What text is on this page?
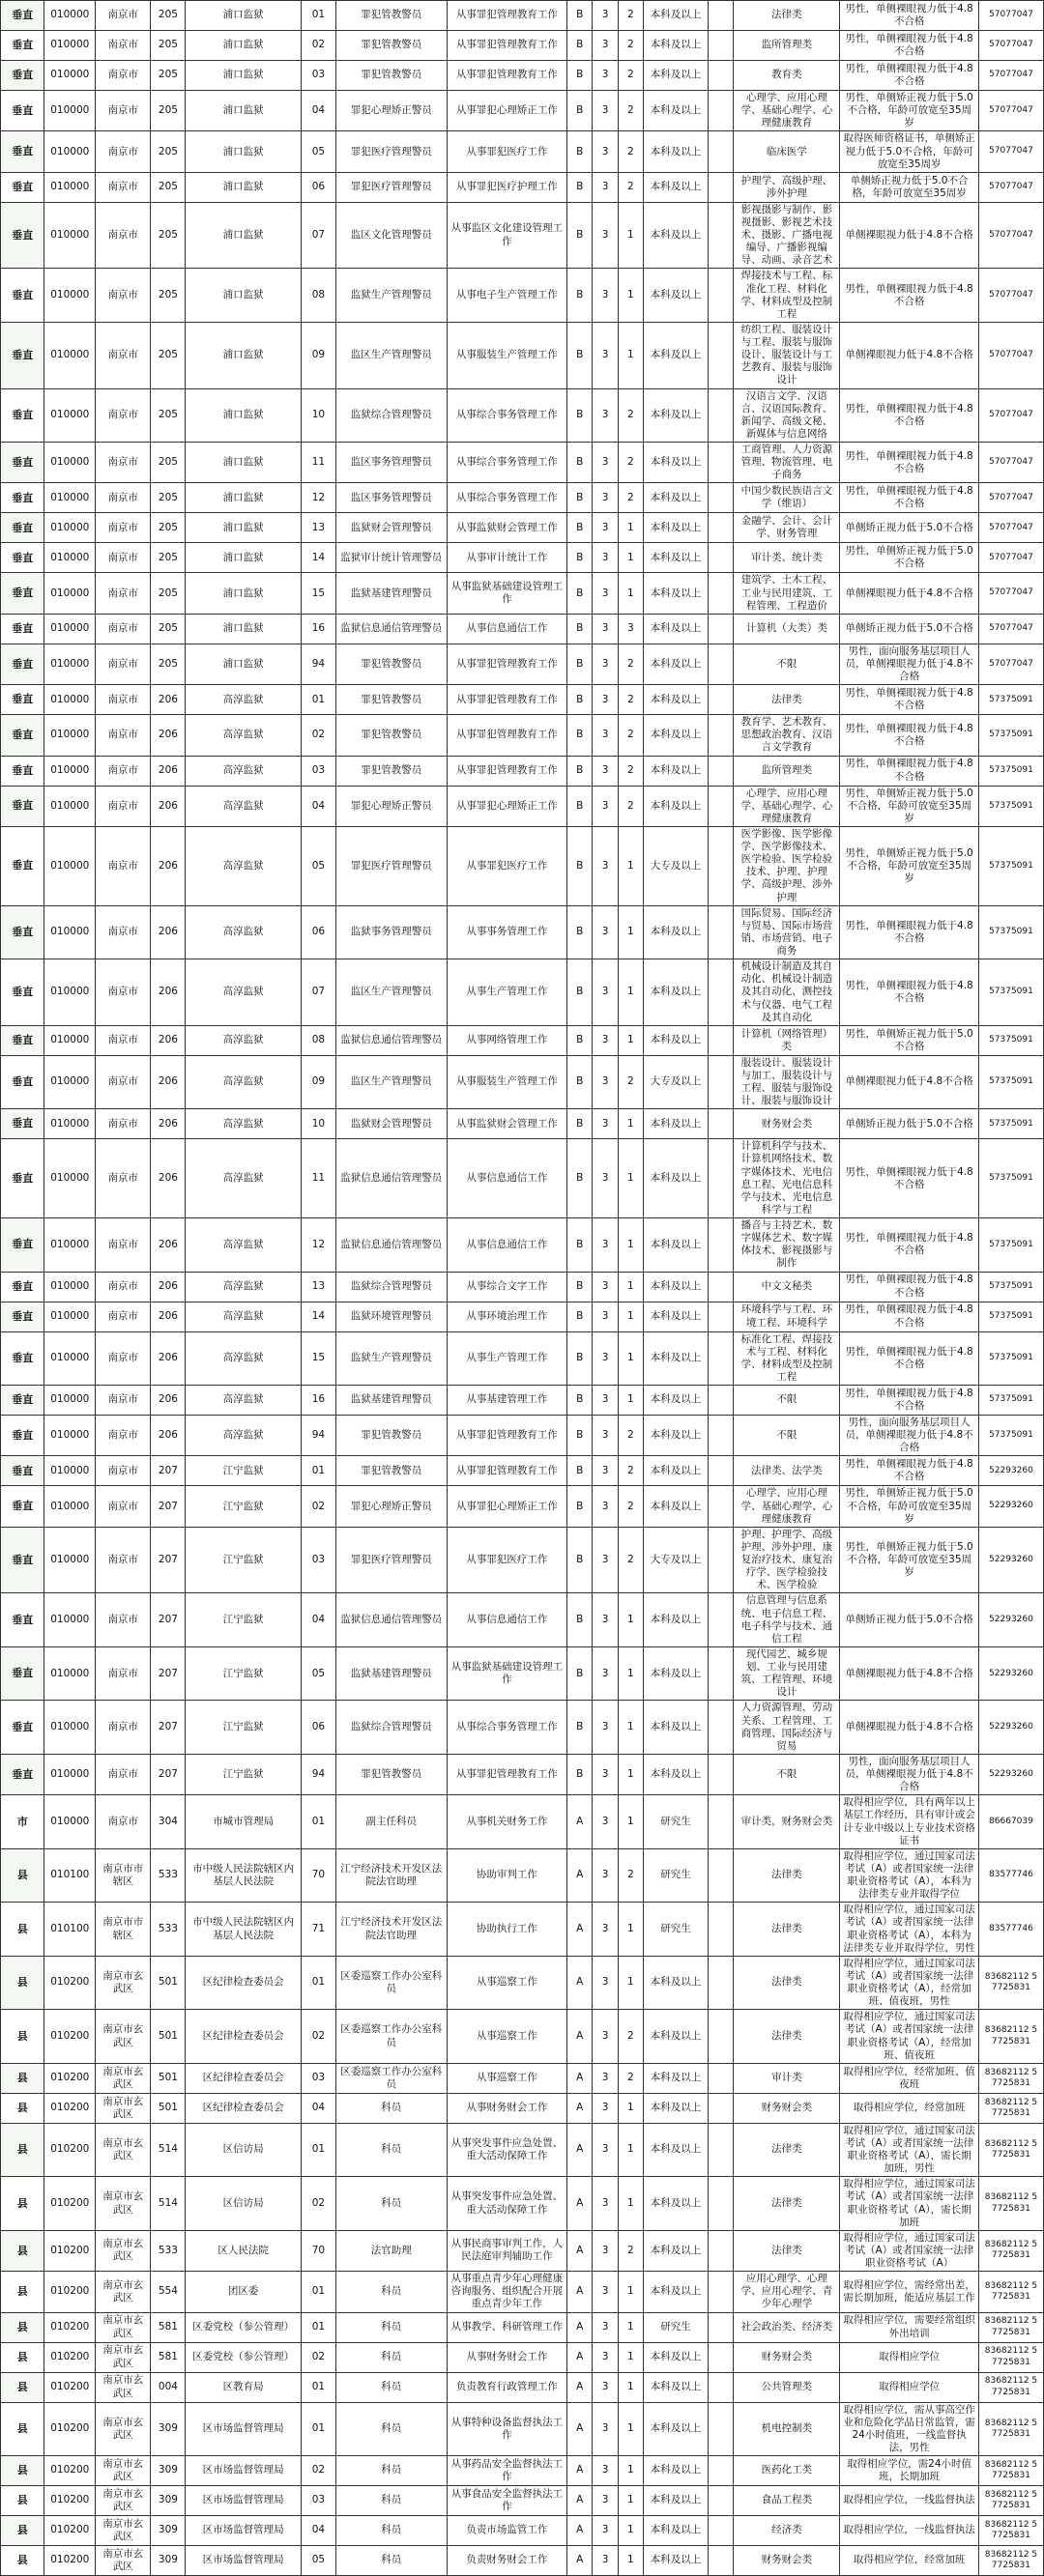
垂直	010000	南京市	205	浦口监狱	01	罪犯管教警员	从事罪犯管理教育工作	B	3	2	本科及以上		法律类	男性，单侧裸眼视力低于4.8不合格	57077047
垂直	010000	南京市	205	浦口监狱	02	罪犯管教警员	从事罪犯管理教育工作	B	3	2	本科及以上		监所管理类	男性，单侧裸眼视力低于4.8不合格	57077047
垂直	010000	南京市	205	浦口监狱	03	罪犯管教警员	从事罪犯管理教育工作	B	3	2	本科及以上		教育类	男性，单侧裸眼视力低于4.8不合格	57077047
垂直	010000	南京市	205	浦口监狱	04	罪犯心理矫正警员	从事罪犯心理矫正工作	B	3	2	本科及以上		心理学、应用心理学、基础心理学、心理健康教育	男性，单侧矫正视力低于5.0不合格，年龄可放宽至35周岁	57077047
垂直	010000	南京市	205	浦口监狱	05	罪犯医疗管理警员	从事罪犯医疗工作	B	3	2	本科及以上		临床医学	取得医师资格证书，单侧矫正视力低于5.0不合格，年龄可放宽至35周岁	57077047
垂直	010000	南京市	205	浦口监狱	06	罪犯医疗管理警员	从事罪犯医疗护理工作	B	3	2	本科及以上		护理学、高级护理、涉外护理	单侧矫正视力低于5.0不合格，年龄可放宽至35周岁	57077047
垂直	010000	南京市	205	浦口监狱	07	监区文化管理警员	从事监区文化建设管理工作	B	3	1	本科及以上		影视摄影与制作、影视摄影、影视艺术技术、摄影、广播电视编导、广播影视编导、动画、录音艺术	单侧裸眼视力低于4.8不合格	57077047
垂直	010000	南京市	205	浦口监狱	08	监狱生产管理警员	从事电子生产管理工作	B	3	1	本科及以上		焊接技术与工程、标准化工程、材料化学、材料成型及控制工程	男性，单侧裸眼视力低于4.8不合格	57077047
垂直	010000	南京市	205	浦口监狱	09	监区生产管理警员	从事服装生产管理工作	B	3	1	本科及以上		纺织工程、服装设计与工程、服装与服饰设计、服装设计与工艺教育、服装与服饰设计	单侧裸眼视力低于4.8不合格	57077047
垂直	010000	南京市	205	浦口监狱	10	监狱综合管理警员	从事综合事务管理工作	B	3	2	本科及以上		汉语言文学、汉语言、汉语国际教育、新闻学、高级文秘、新媒体与信息网络	男性，单侧裸眼视力低于4.8不合格	57077047
垂直	010000	南京市	205	浦口监狱	11	监区事务管理警员	从事综合事务管理工作	B	3	2	本科及以上		工商管理、人力资源管理、物流管理、电子商务	男性，单侧裸眼视力低于4.8不合格	57077047
垂直	010000	南京市	205	浦口监狱	12	监区事务管理警员	从事综合事务管理工作	B	3	2	本科及以上		中国少数民族语言文学（维语）	男性，单侧裸眼视力低于4.8不合格	57077047
垂直	010000	南京市	205	浦口监狱	13	监狱财会管理警员	从事监狱财会管理工作	B	3	1	本科及以上		金融学、会计、会计学、财务管理	单侧矫正视力低于5.0不合格	57077047
垂直	010000	南京市	205	浦口监狱	14	监狱审计统计管理警员	从事审计统计工作	B	3	1	本科及以上		审计类、统计类	男性，单侧矫正视力低于5.0不合格	57077047
垂直	010000	南京市	205	浦口监狱	15	监狱基建管理警员	从事监狱基础建设管理工作	B	3	1	本科及以上		建筑学、土木工程、工业与民用建筑、工程管理、工程造价	单侧裸眼视力低于4.8不合格	57077047
垂直	010000	南京市	205	浦口监狱	16	监狱信息通信管理警员	从事信息通信工作	B	3	3	本科及以上		计算机（大类）类	单侧矫正视力低于5.0不合格	57077047
垂直	010000	南京市	205	浦口监狱	94	罪犯管教警员	从事罪犯管理教育工作	B	3	2	本科及以上		不限	男性，面向服务基层项目人员，单侧裸眼视力低于4.8不合格	57077047
垂直	010000	南京市	206	高淳监狱	01	罪犯管教警员	从事罪犯管理教育工作	B	3	2	本科及以上		法律类	男性，单侧裸眼视力低于4.8不合格	57375091
垂直	010000	南京市	206	高淳监狱	02	罪犯管教警员	从事罪犯管理教育工作	B	3	2	本科及以上		教育学、艺术教育、思想政治教育、汉语言文学教育	男性，单侧裸眼视力低于4.8不合格	57375091
垂直	010000	南京市	206	高淳监狱	03	罪犯管教警员	从事罪犯管理教育工作	B	3	2	本科及以上		监所管理类	男性，单侧裸眼视力低于4.8不合格	57375091
垂直	010000	南京市	206	高淳监狱	04	罪犯心理矫正警员	从事罪犯心理矫正工作	B	3	2	本科及以上		心理学、应用心理学、基础心理学、心理健康教育	男性，单侧矫正视力低于5.0不合格，年龄可放宽至35周岁	57375091
垂直	010000	南京市	206	高淳监狱	05	罪犯医疗管理警员	从事罪犯医疗工作	B	3	1	大专及以上		医学影像、医学影像学、医学影像技术、医学检验、医学检验技术、护理、护理学、高级护理、涉外护理	男性，单侧矫正视力低于5.0不合格，年龄可放宽至35周岁	57375091
垂直	010000	南京市	206	高淳监狱	06	监狱事务管理警员	从事事务管理工作	B	3	1	本科及以上		国际贸易、国际经济与贸易、国际市场营销、市场营销、电子商务	男性，单侧裸眼视力低于4.8不合格	57375091
垂直	010000	南京市	206	高淳监狱	07	监区生产管理警员	从事生产管理工作	B	3	1	本科及以上		机械设计制造及其自动化、机械设计制造及其自动化、测控技术与仪器、电气工程及其自动化	男性，单侧裸眼视力低于4.8不合格	57375091
垂直	010000	南京市	206	高淳监狱	08	监狱信息通信管理警员	从事网络管理工作	B	3	1	本科及以上		计算机（网络管理）类	男性，单侧矫正视力低于5.0不合格	57375091
垂直	010000	南京市	206	高淳监狱	09	监区生产管理警员	从事服装生产管理工作	B	3	2	大专及以上		服装设计、服装设计与加工、服装设计与工程、服装与服饰设计、服装与服饰设计	单侧裸眼视力低于4.8不合格	57375091
垂直	010000	南京市	206	高淳监狱	10	监狱财会管理警员	从事监狱财会管理工作	B	3	1	本科及以上		财务财会类	单侧矫正视力低于5.0不合格	57375091
垂直	010000	南京市	206	高淳监狱	11	监狱信息通信管理警员	从事信息通信工作	B	3	1	本科及以上		计算机科学与技术、计算机网络技术、数字媒体技术、光电信息工程、光电信息科学与技术、光电信息科学与工程	男性，单侧裸眼视力低于4.8不合格	57375091
垂直	010000	南京市	206	高淳监狱	12	监狱信息通信管理警员	从事信息通信工作	B	3	1	本科及以上		播音与主持艺术、数字媒体艺术、数字媒体技术、影视摄影与制作	男性，单侧裸眼视力低于4.8不合格	57375091
垂直	010000	南京市	206	高淳监狱	13	监狱综合管理警员	从事综合文字工作	B	3	1	本科及以上		中文文秘类	男性，单侧裸眼视力低于4.8不合格	57375091
垂直	010000	南京市	206	高淳监狱	14	监狱环境管理警员	从事环境治理工作	B	3	1	本科及以上		环境科学与工程、环境工程、环境科学	男性，单侧裸眼视力低于4.8不合格	57375091
垂直	010000	南京市	206	高淳监狱	15	监狱生产管理警员	从事生产管理工作	B	3	1	本科及以上		标准化工程、焊接技术与工程、材料化学、材料成型及控制工程	男性，单侧裸眼视力低于4.8不合格	57375091
垂直	010000	南京市	206	高淳监狱	16	监狱基建管理警员	从事基建管理工作	B	3	1	本科及以上		不限	男性，单侧裸眼视力低于4.8不合格	57375091
垂直	010000	南京市	206	高淳监狱	94	罪犯管教警员	从事罪犯管理教育工作	B	3	2	本科及以上		不限	男性，面向服务基层项目人员，单侧裸眼视力低于4.8不合格	57375091
垂直	010000	南京市	207	江宁监狱	01	罪犯管教警员	从事罪犯管理教育工作	B	3	2	本科及以上		法律类、法学类	男性，单侧裸眼视力低于4.8不合格	52293260
垂直	010000	南京市	207	江宁监狱	02	罪犯心理矫正警员	从事罪犯心理矫正工作	B	3	2	本科及以上		心理学、应用心理学、基础心理学、心理健康教育	男性，单侧矫正视力低于5.0不合格，年龄可放宽至35周岁	52293260
垂直	010000	南京市	207	江宁监狱	03	罪犯医疗管理警员	从事罪犯医疗工作	B	3	2	大专及以上		护理、护理学、高级护理、涉外护理、康复治疗技术、康复治疗学、医学检验技术、医学检验	男性，单侧矫正视力低于5.0不合格，年龄可放宽至35周岁	52293260
垂直	010000	南京市	207	江宁监狱	04	监狱信息通信管理警员	从事信息通信工作	B	3	1	本科及以上		信息管理与信息系统、电子信息工程、电子科学与技术、通信工程	单侧矫正视力低于5.0不合格	52293260
垂直	010000	南京市	207	江宁监狱	05	监狱基建管理警员	从事监狱基础建设管理工作	B	3	1	本科及以上		现代园艺、城乡规划、工业与民用建筑、工程管理、环境设计	单侧裸眼视力低于4.8不合格	52293260
垂直	010000	南京市	207	江宁监狱	06	监狱综合管理警员	从事综合事务管理工作	B	3	1	本科及以上		人力资源管理、劳动关系、工程管理、工商管理、国际经济与贸易	单侧裸眼视力低于4.8不合格	52293260
垂直	010000	南京市	207	江宁监狱	94	罪犯管教警员	从事罪犯管理教育工作	B	3	1	本科及以上		不限	男性，面向服务基层项目人员，单侧裸眼视力低于4.8不合格	52293260
市	010000	南京市	304	市城市管理局	01	副主任科员	从事机关财务工作	A	3	1	研究生		审计类，财务财会类	取得相应学位，具有两年以上基层工作经历，具有审计或会计专业中级以上专业技术资格证书	86667039
县	010100	南京市市辖区	533	市中级人民法院辖区内基层人民法院	70	江宁经济技术开发区法院法官助理	协助审判工作	A	3	2	研究生		法律类	取得相应学位，通过国家司法考试（A）或者国家统一法律职业资格考试（A），本科为法律类专业并取得学位	83577746
县	010100	南京市市辖区	533	市中级人民法院辖区内基层人民法院	71	江宁经济技术开发区法院法官助理	协助执行工作	A	3	1	研究生		法律类	取得相应学位，通过国家司法考试（A）或者国家统一法律职业资格考试（A），本科为法律类专业并取得学位，男性	83577746
县	010200	南京市玄武区	501	区纪律检查委员会	01	区委巡察工作办公室科员	从事巡察工作	A	3	1	本科及以上		法律类	取得相应学位，通过国家司法考试（A）或者国家统一法律职业资格考试（A），经常加班、值夜班，男性	83682112 57725831
县	010200	南京市玄武区	501	区纪律检查委员会	02	区委巡察工作办公室科员	从事巡察工作	A	3	2	本科及以上		法律类	取得相应学位，通过国家司法考试（A）或者国家统一法律职业资格考试（A），经常加班、值夜班	83682112 57725831
县	010200	南京市玄武区	501	区纪律检查委员会	03	区委巡察工作办公室科员	从事巡察工作	A	3	2	本科及以上		审计类	取得相应学位，经常加班、值夜班	83682112 57725831
县	010200	南京市玄武区	501	区纪律检查委员会	04	科员	从事财务财会工作	A	3	1	本科及以上		财务财会类	取得相应学位，经常加班	83682112 57725831
县	010200	南京市玄武区	514	区信访局	01	科员	从事突发事件应急处置、重大活动保障工作	A	3	1	本科及以上		法律类	取得相应学位，通过国家司法考试（A）或者国家统一法律职业资格考试（A），需长期加班，男性	83682112 57725831
县	010200	南京市玄武区	514	区信访局	02	科员	从事突发事件应急处置、重大活动保障工作	A	3	1	本科及以上		法律类	取得相应学位，通过国家司法考试（A）或者国家统一法律职业资格考试（A），需长期加班	83682112 57725831
县	010200	南京市玄武区	533	区人民法院	70	法官助理	从事民商事审判工作，人民法庭审判辅助工作	A	3	2	本科及以上		法律类	取得相应学位，通过国家司法考试（A）或者国家统一法律职业资格考试（A）	83682112 57725831
县	010200	南京市玄武区	554	团区委	01	科员	从事重点青少年心理健康咨询服务、组织配合开展重点青少年工作	A	3	1	本科及以上		应用心理学、心理学、应用心理学、青少年心理学	取得相应学位，需经常出差，需长期加班，能适应基层工作	83682112 57725831
县	010200	南京市玄武区	581	区委党校（参公管理）	01	科员	从事教学、科研管理工作	A	3	1	研究生		社会政治类、经济类	取得相应学位，需要经常组织外出培训	83682112 57725831
县	010200	南京市玄武区	581	区委党校（参公管理）	02	科员	从事财务财会工作	A	3	1	本科及以上		财务财会类	取得相应学位	83682112 57725831
县	010200	南京市玄武区	004	区教育局	01	科员	负责教育行政管理工作	A	3	1	本科及以上		公共管理类	取得相应学位	83682112 57725831
县	010200	南京市玄武区	309	区市场监督管理局	01	科员	从事特种设备监督执法工作	A	3	1	本科及以上		机电控制类	取得相应学位，需从事高空作业和危险化学品日常监管，需24小时值班，一线监督执法，男性	83682112 57725831
县	010200	南京市玄武区	309	区市场监督管理局	02	科员	从事药品安全监督执法工作	A	3	1	本科及以上		医药化工类	取得相应学位，需24小时值班，长期加班	83682112 57725831
县	010200	南京市玄武区	309	区市场监督管理局	03	科员	从事食品安全监督执法工作	A	3	1	本科及以上		食品工程类	取得相应学位，一线监督执法	83682112 57725831
县	010200	南京市玄武区	309	区市场监督管理局	04	科员	负责市场监管工作	A	3	1	本科及以上		经济类	取得相应学位，一线监督执法	83682112 57725831
县	010200	南京市玄武区	309	区市场监督管理局	05	科员	负责财务财会工作	A	3	1	本科及以上		财务财会类	取得相应学位，经常加班	83682112 57725831
